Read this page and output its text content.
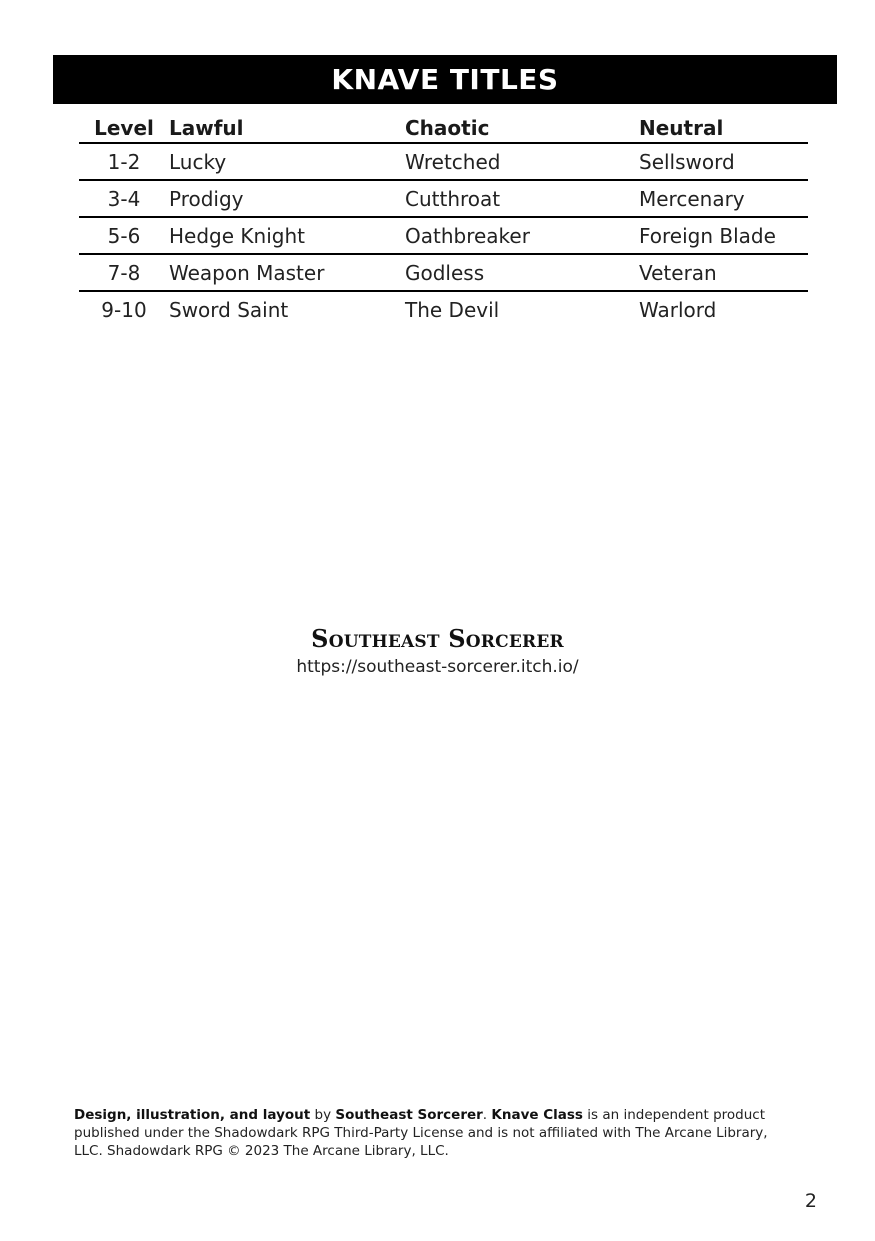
KNAVE TITLES
Level	Lawful	Chaotic	Neutral
1-2	Lucky	Wretched	Sellsword
3-4	Prodigy	Cutthroat	Mercenary
5-6	Hedge Knight	Oathbreaker	Foreign Blade
7-8	Weapon Master	Godless	Veteran
9-10	Sword Saint	The Devil	Warlord
Southeast Sorcerer
https://southeast-sorcerer.itch.io/
Design, illustration, and layout by Southeast Sorcerer. Knave Class is an independent product published under the Shadowdark RPG Third-Party License and is not affiliated with The Arcane Library, LLC. Shadowdark RPG © 2023 The Arcane Library, LLC.
2
